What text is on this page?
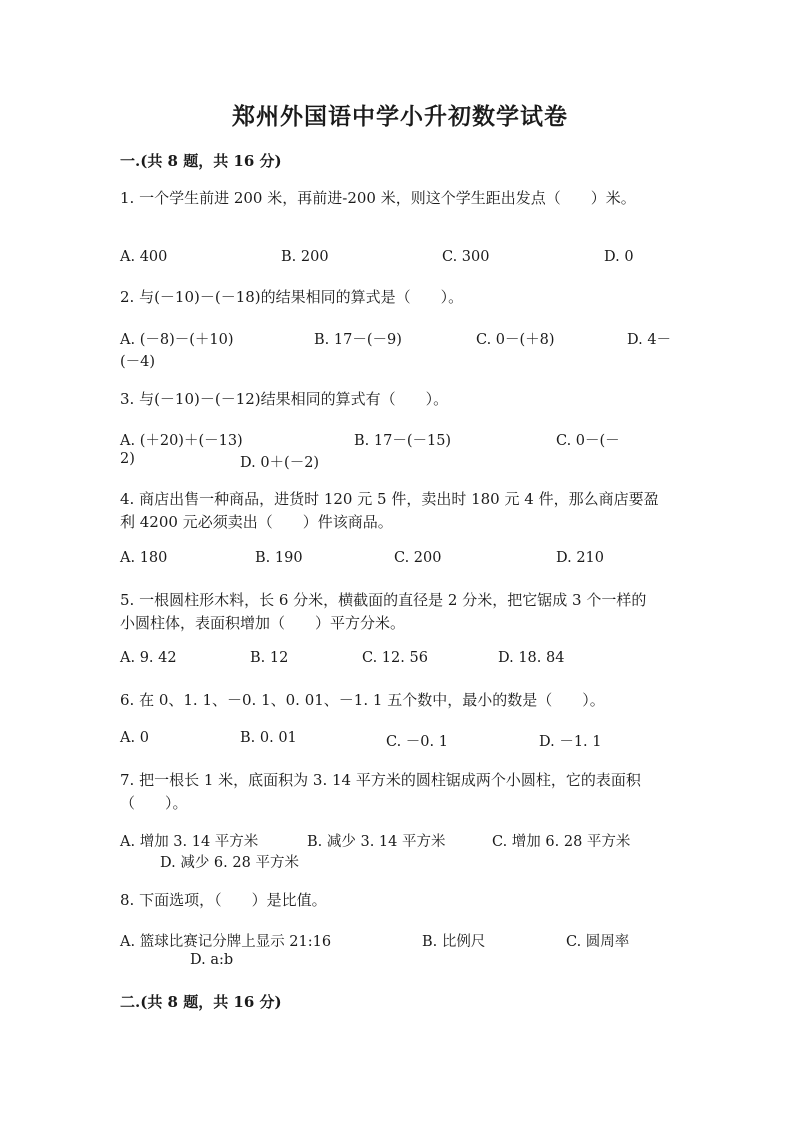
郑州外国语中学小升初数学试卷
一.(共 8 题，共 16 分)
1. 一个学生前进 200 米，再前进-200 米，则这个学生距出发点（　　）米。
A. 400	B. 200	C. 300	D. 0
2. 与(－10)－(－18)的结果相同的算式是（　　）。
A. (－8)－(＋10)	B. 17－(－9)	C. 0－(＋8)	D. 4－
(－4)
3. 与(－10)－(－12)结果相同的算式有（　　）。
A. (＋20)＋(－13)	B. 17－(－15)	C. 0－(－
2)	D. 0＋(－2)
4. 商店出售一种商品，进货时 120 元 5 件，卖出时 180 元 4 件，那么商店要盈
利 4200 元必须卖出（　　）件该商品。
A. 180	B. 190	C. 200	D. 210
5. 一根圆柱形木料，长 6 分米，横截面的直径是 2 分米，把它锯成 3 个一样的
小圆柱体，表面积增加（　　）平方分米。
A. 9. 42	B. 12	C. 12. 56	D. 18. 84
6. 在 0、1. 1、－0. 1、0. 01、－1. 1 五个数中，最小的数是（　　）。
A. 0	B. 0. 01	C. －0. 1	D. －1. 1
7. 把一根长 1 米，底面积为 3. 14 平方米的圆柱锯成两个小圆柱，它的表面积
（　　）。
A. 增加 3. 14 平方米	B. 减少 3. 14 平方米	C. 增加 6. 28 平方米
D. 减少 6. 28 平方米
8. 下面选项，（　　）是比值。
A. 篮球比赛记分牌上显示 21:16	B. 比例尺	C. 圆周率
D. a:b
二.(共 8 题，共 16 分)
